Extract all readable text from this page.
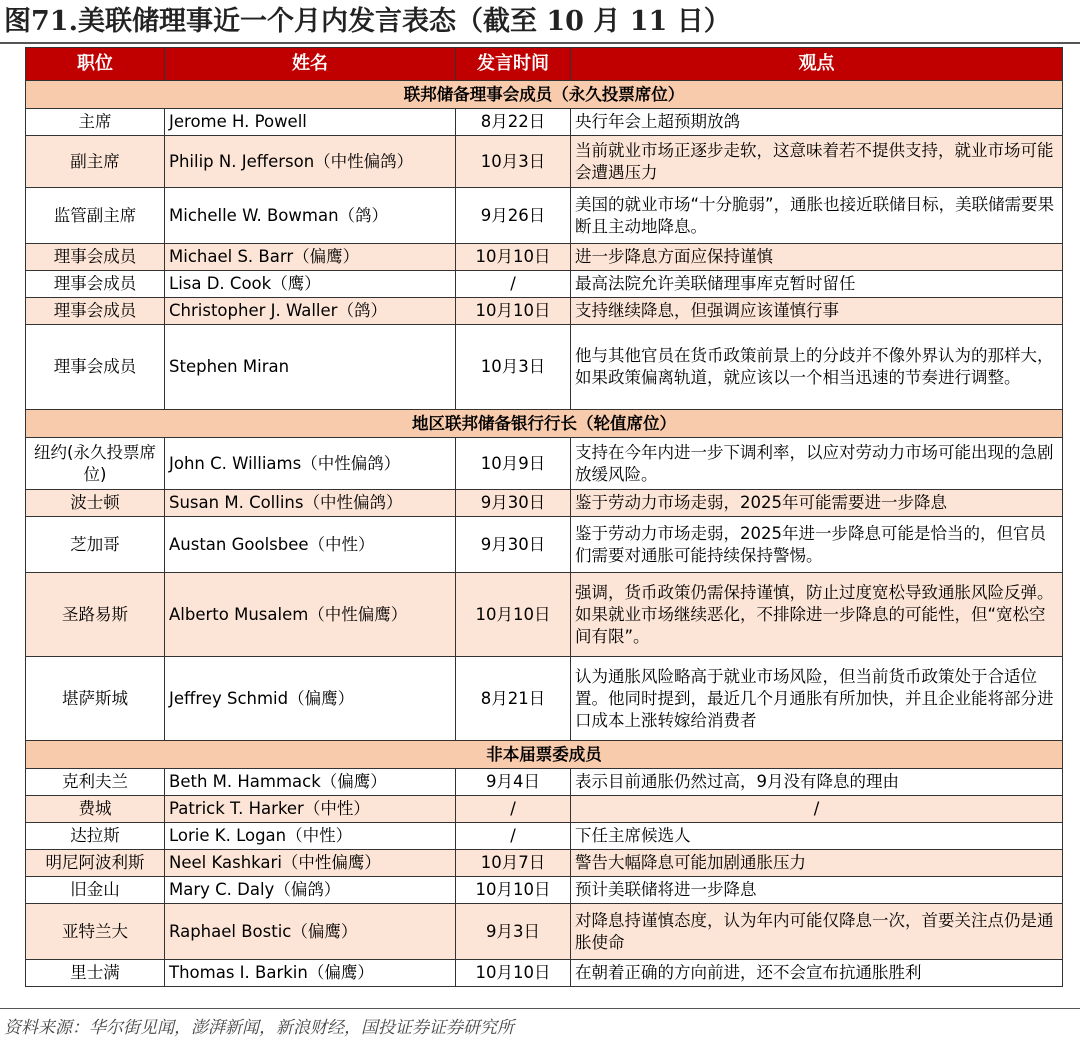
图71.美联储理事近一个月内发言表态（截至 10 月 11 日）
职位	姓名	发言时间	观点
联邦储备理事会成员（永久投票席位）			
主席	Jerome H. Powell	8月22日	央行年会上超预期放鸽
副主席	Philip N. Jefferson（中性偏鸽）	10月3日	当前就业市场正逐步走软，这意味着若不提供支持，就业市场可能会遭遇压力
监管副主席	Michelle W. Bowman（鸽）	9月26日	美国的就业市场“十分脆弱”，通胀也接近联储目标，美联储需要果断且主动地降息。
理事会成员	Michael S. Barr（偏鹰）	10月10日	进一步降息方面应保持谨慎
理事会成员	Lisa D. Cook（鹰）	/	最高法院允许美联储理事库克暂时留任
理事会成员	Christopher J. Waller（鸽）	10月10日	支持继续降息，但强调应该谨慎行事
理事会成员	Stephen Miran	10月3日	他与其他官员在货币政策前景上的分歧并不像外界认为的那样大，如果政策偏离轨道，就应该以一个相当迅速的节奏进行调整。
地区联邦储备银行行长（轮值席位）			
纽约(永久投票席位)	John C. Williams（中性偏鸽）	10月9日	支持在今年内进一步下调利率，以应对劳动力市场可能出现的急剧放缓风险。
波士顿	Susan M. Collins（中性偏鸽）	9月30日	鉴于劳动力市场走弱，2025年可能需要进一步降息
芝加哥	Austan Goolsbee（中性）	9月30日	鉴于劳动力市场走弱，2025年进一步降息可能是恰当的，但官员们需要对通胀可能持续保持警惕。
圣路易斯	Alberto Musalem（中性偏鹰）	10月10日	强调，货币政策仍需保持谨慎，防止过度宽松导致通胀风险反弹。如果就业市场继续恶化，不排除进一步降息的可能性，但“宽松空间有限”。
堪萨斯城	Jeffrey Schmid（偏鹰）	8月21日	认为通胀风险略高于就业市场风险，但当前货币政策处于合适位置。他同时提到，最近几个月通胀有所加快，并且企业能将部分进口成本上涨转嫁给消费者
非本届票委成员			
克利夫兰	Beth M. Hammack（偏鹰）	9月4日	表示目前通胀仍然过高，9月没有降息的理由
费城	Patrick T. Harker（中性）	/	/
达拉斯	Lorie K. Logan（中性）	/	下任主席候选人
明尼阿波利斯	Neel Kashkari（中性偏鹰）	10月7日	警告大幅降息可能加剧通胀压力
旧金山	Mary C. Daly（偏鸽）	10月10日	预计美联储将进一步降息
亚特兰大	Raphael Bostic（偏鹰）	9月3日	对降息持谨慎态度，认为年内可能仅降息一次，首要关注点仍是通胀使命
里士满	Thomas I. Barkin（偏鹰）	10月10日	在朝着正确的方向前进，还不会宣布抗通胀胜利
资料来源：华尔街见闻，澎湃新闻，新浪财经，国投证券证券研究所
